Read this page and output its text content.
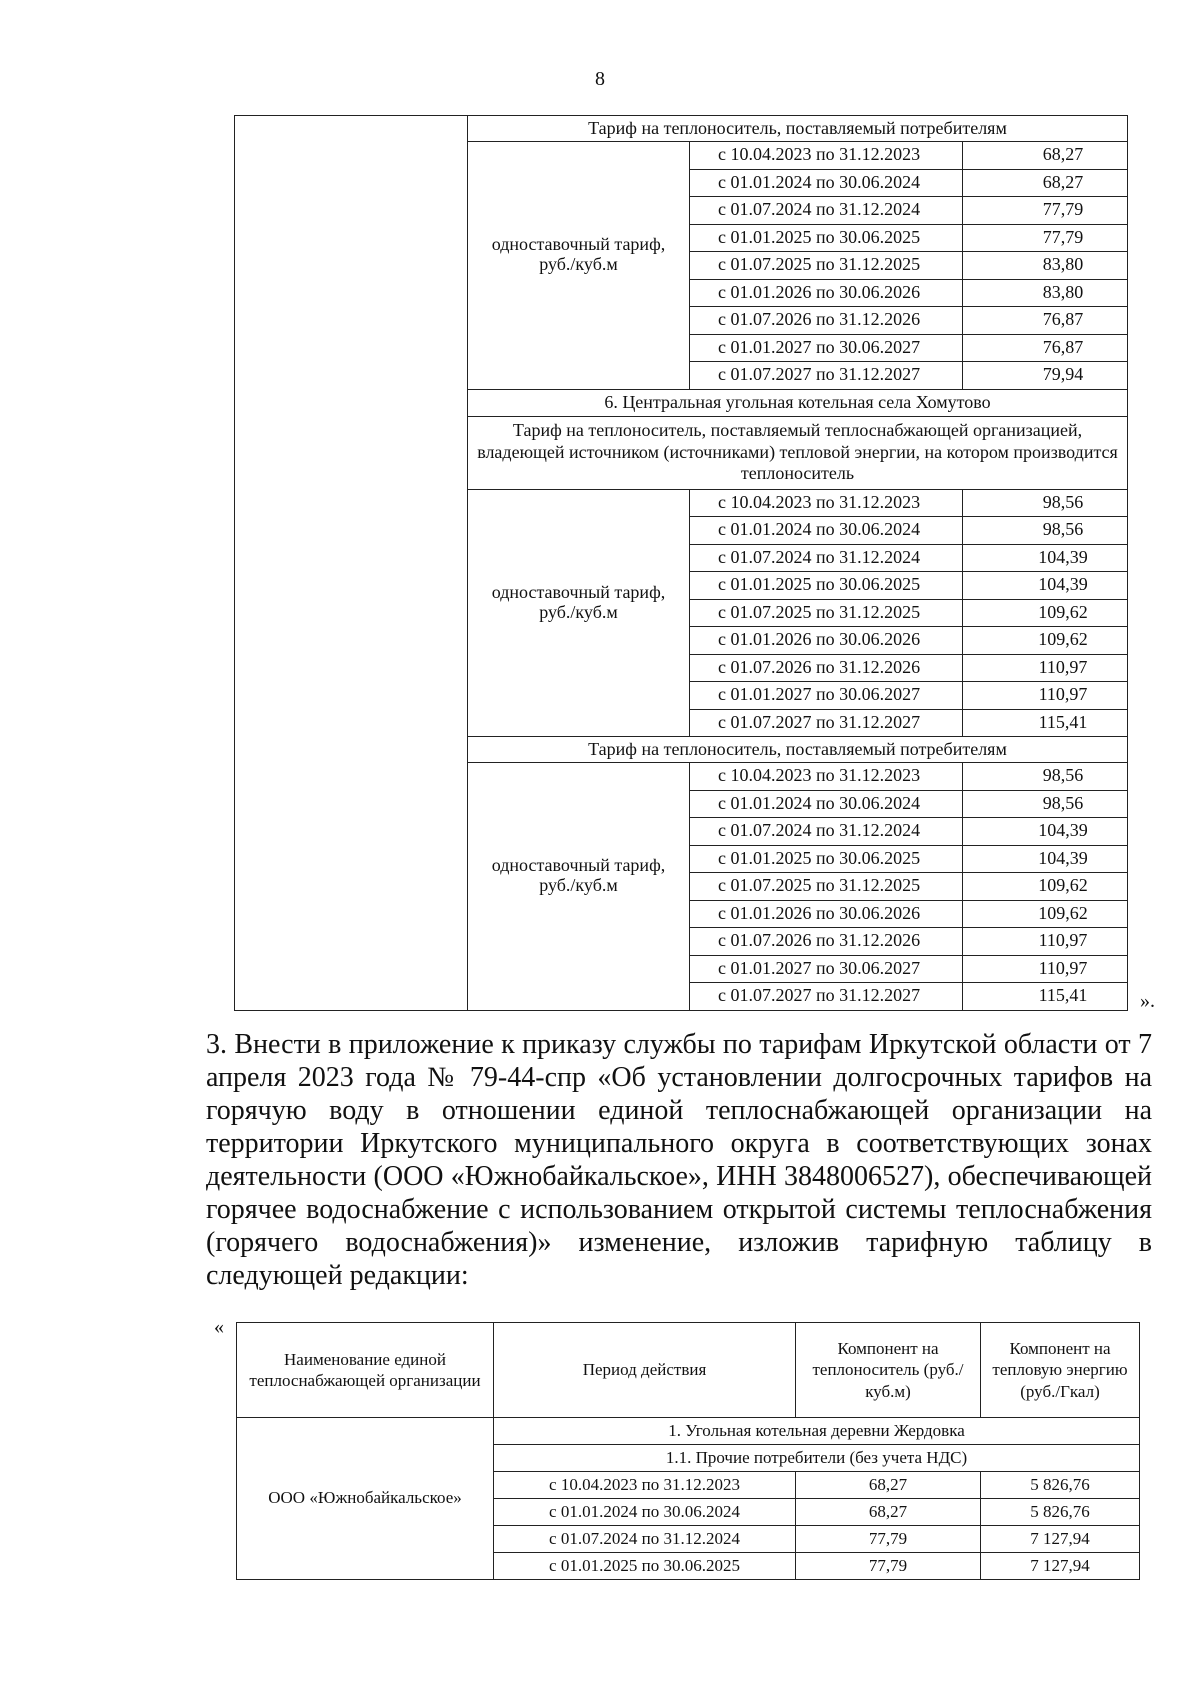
8
	Тариф на теплоноситель, поставляемый потребителям		
	одноставочный тариф, руб./куб.м	с 10.04.2023 по 31.12.2023	68,27
		с 01.01.2024 по 30.06.2024	68,27
		с 01.07.2024 по 31.12.2024	77,79
		с 01.01.2025 по 30.06.2025	77,79
		с 01.07.2025 по 31.12.2025	83,80
		с 01.01.2026 по 30.06.2026	83,80
		с 01.07.2026 по 31.12.2026	76,87
		с 01.01.2027 по 30.06.2027	76,87
		с 01.07.2027 по 31.12.2027	79,94
	6. Центральная угольная котельная села Хомутово		
	Тариф на теплоноситель, поставляемый теплоснабжающей организацией, владеющей источником (источниками) тепловой энергии, на котором производится теплоноситель		
	одноставочный тариф, руб./куб.м	с 10.04.2023 по 31.12.2023	98,56
		с 01.01.2024 по 30.06.2024	98,56
		с 01.07.2024 по 31.12.2024	104,39
		с 01.01.2025 по 30.06.2025	104,39
		с 01.07.2025 по 31.12.2025	109,62
		с 01.01.2026 по 30.06.2026	109,62
		с 01.07.2026 по 31.12.2026	110,97
		с 01.01.2027 по 30.06.2027	110,97
		с 01.07.2027 по 31.12.2027	115,41
	Тариф на теплоноситель, поставляемый потребителям		
	одноставочный тариф, руб./куб.м	с 10.04.2023 по 31.12.2023	98,56
		с 01.01.2024 по 30.06.2024	98,56
		с 01.07.2024 по 31.12.2024	104,39
		с 01.01.2025 по 30.06.2025	104,39
		с 01.07.2025 по 31.12.2025	109,62
		с 01.01.2026 по 30.06.2026	109,62
		с 01.07.2026 по 31.12.2026	110,97
		с 01.01.2027 по 30.06.2027	110,97
		с 01.07.2027 по 31.12.2027	115,41	».
3. Внести в приложение к приказу службы по тарифам Иркутской области от 7 апреля 2023 года № 79-44-спр «Об установлении долгосрочных тарифов на горячую воду в отношении единой теплоснабжающей организации на территории Иркутского муниципального округа в соответствующих зонах деятельности (ООО «Южнобайкальское», ИНН 3848006527), обеспечивающей горячее водоснабжение с использованием открытой системы теплоснабжения (горячего водоснабжения)» изменение, изложив тарифную таблицу в следующей редакции:
«
Наименование единой теплоснабжающей организации	Период действия	Компонент на теплоноситель (руб./куб.м)	Компонент на тепловую энергию (руб./Гкал)
ООО «Южнобайкальское»	1. Угольная котельная деревни Жердовка		
	1.1. Прочие потребители (без учета НДС)		
	с 10.04.2023 по 31.12.2023	68,27	5 826,76
	с 01.01.2024 по 30.06.2024	68,27	5 826,76
	с 01.07.2024 по 31.12.2024	77,79	7 127,94
	с 01.01.2025 по 30.06.2025	77,79	7 127,94
